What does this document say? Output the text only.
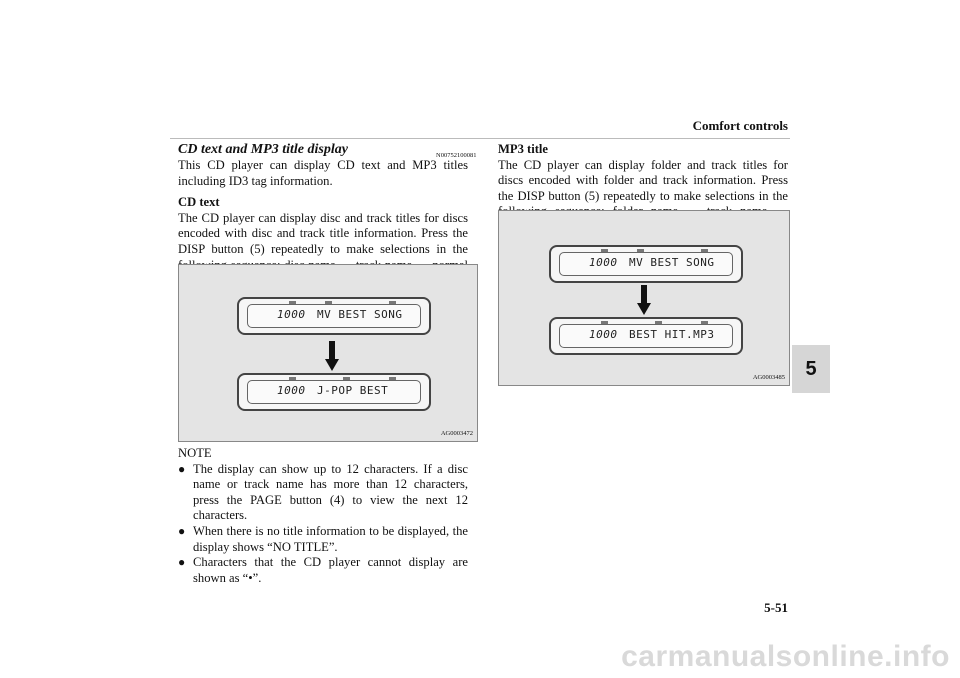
Comfort controls
5
5-51
CD text and MP3 title display	N00752100081

This CD player can display CD text and MP3 titles including ID3 tag information.

CD text

The CD player can display disc and track titles for discs encoded with disc and track title information. Press the DISP button (5) repeatedly to make selections in the

1000 MV BEST SONG
1000 J-POP BEST
AG0003472

NOTE

● The display can show up to 12 characters. If a disc name or track name has more than 12 characters, press the PAGE button (4) to view the next 12 characters.
● When there is no title information to be displayed, the display shows “NO TITLE”.
● Characters that the CD player cannot display are shown as “•”.

MP3 title

The CD player can display folder and track titles for discs encoded with folder and track information. Press the DISP button (5) repeatedly to make selections in the

1000 MV BEST SONG
1000 BEST HIT.MP3
AG0003485
carmanualsonline.info
